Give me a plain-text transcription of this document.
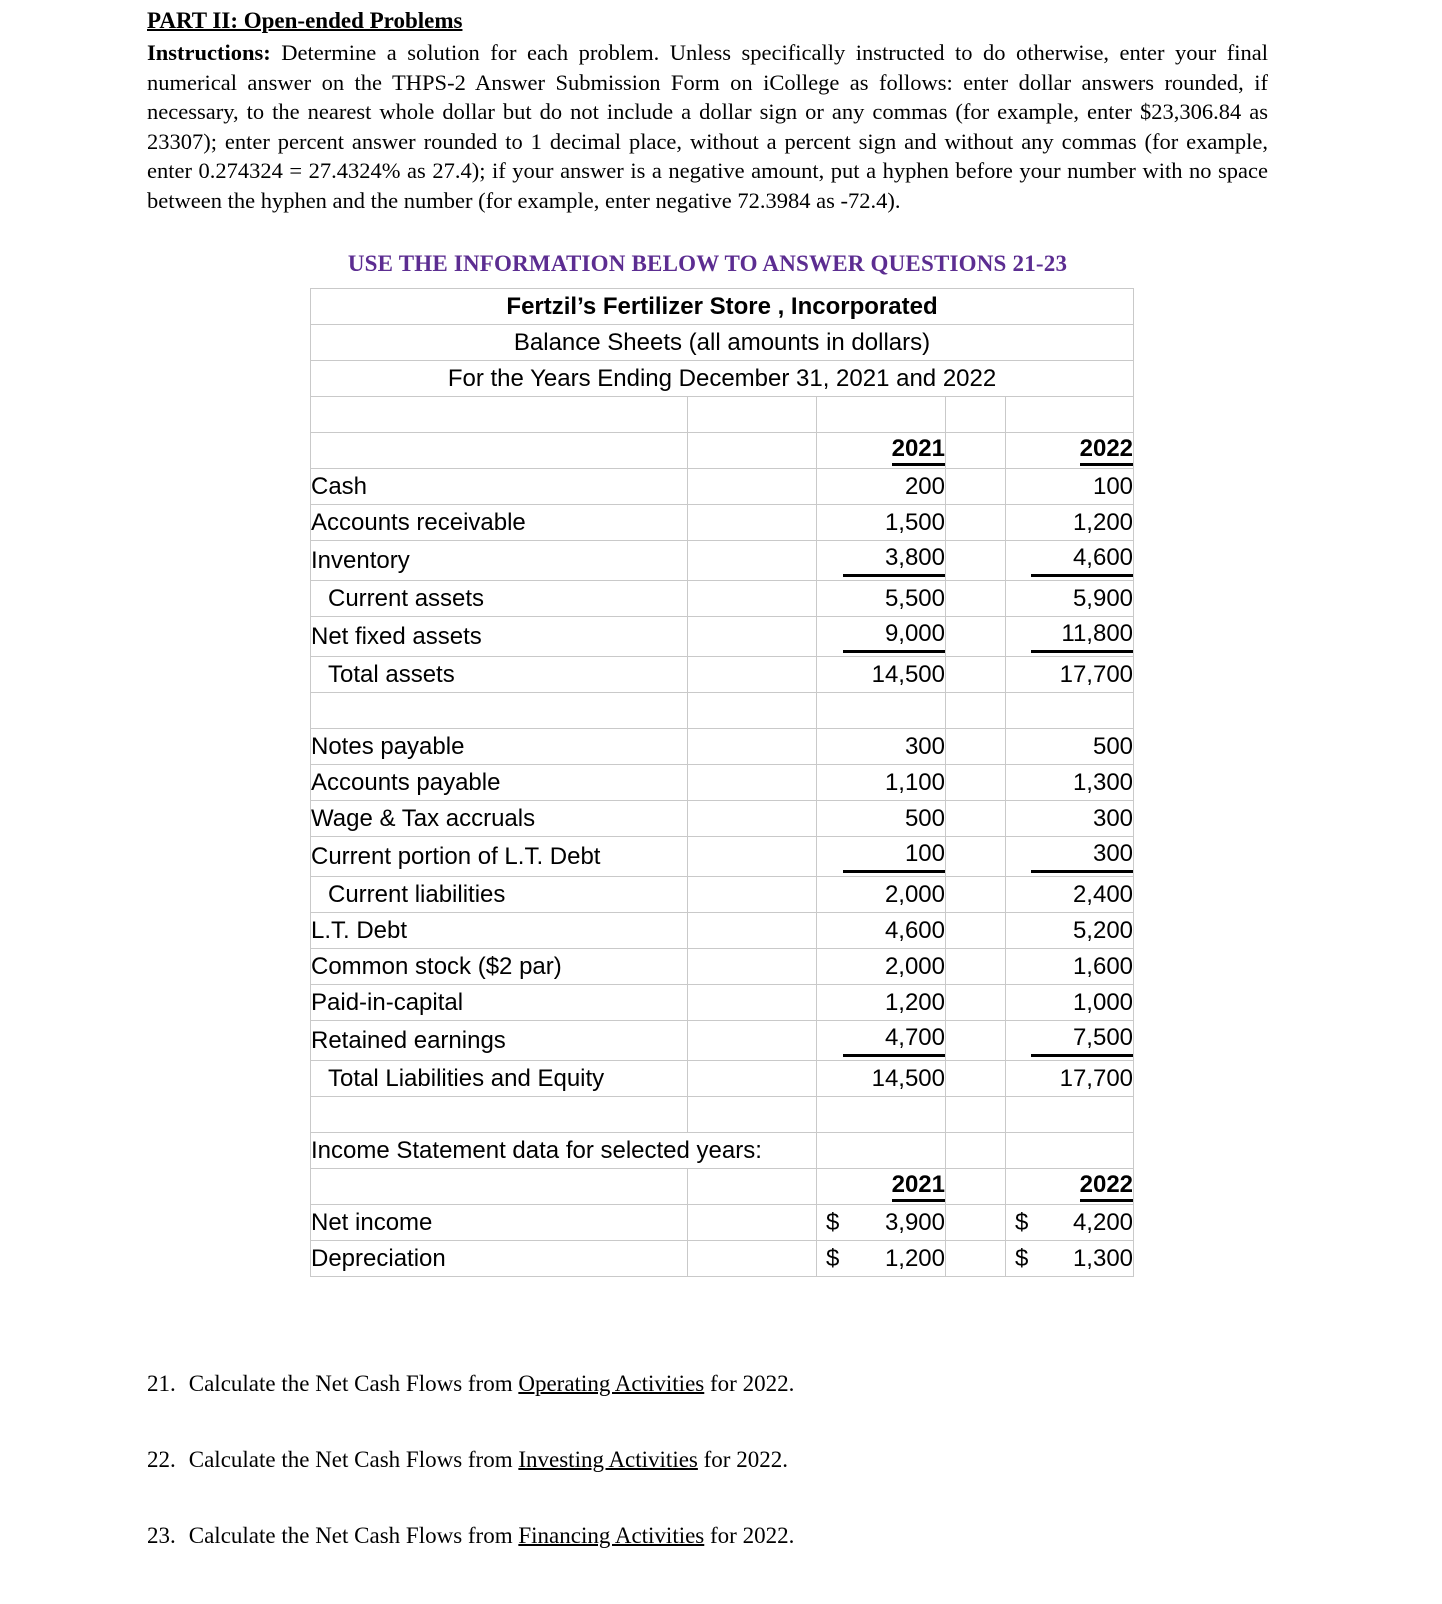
PART II: Open-ended Problems

Instructions: Determine a solution for each problem. Unless specifically instructed to do otherwise, enter your final numerical answer on the THPS-2 Answer Submission Form on iCollege as follows: enter dollar answers rounded, if necessary, to the nearest whole dollar but do not include a dollar sign or any commas (for example, enter $23,306.84 as 23307); enter percent answer rounded to 1 decimal place, without a percent sign and without any commas (for example, enter 0.274324 = 27.4324% as 27.4); if your answer is a negative amount, put a hyphen before your number with no space between the hyphen and the number (for example, enter negative 72.3984 as -72.4).

USE THE INFORMATION BELOW TO ANSWER QUESTIONS 21-23
Fertzil’s Fertilizer Store , Incorporated				
Balance Sheets (all amounts in dollars)				
For the Years Ending December 31, 2021 and 2022				

		2021		2022
Cash		200		100
Accounts receivable		1,500		1,200
Inventory		3,800		4,600
Current assets		5,500		5,900
Net fixed assets		9,000		11,800
Total assets		14,500		17,700

Notes payable		300		500
Accounts payable		1,100		1,300
Wage & Tax accruals		500		300
Current portion of L.T. Debt		100		300
Current liabilities		2,000		2,400
L.T. Debt		4,600		5,200
Common stock ($2 par)		2,000		1,600
Paid-in-capital		1,200		1,000
Retained earnings		4,700		7,500
Total Liabilities and Equity		14,500		17,700

Income Statement data for selected years:				
		2021		2022
Net income		$ 3,900		$ 4,200

Depreciation		$ 1,200		$ 1,300
21. Calculate the Net Cash Flows from Operating Activities for 2022.
22. Calculate the Net Cash Flows from Investing Activities for 2022.
23. Calculate the Net Cash Flows from Financing Activities for 2022.
